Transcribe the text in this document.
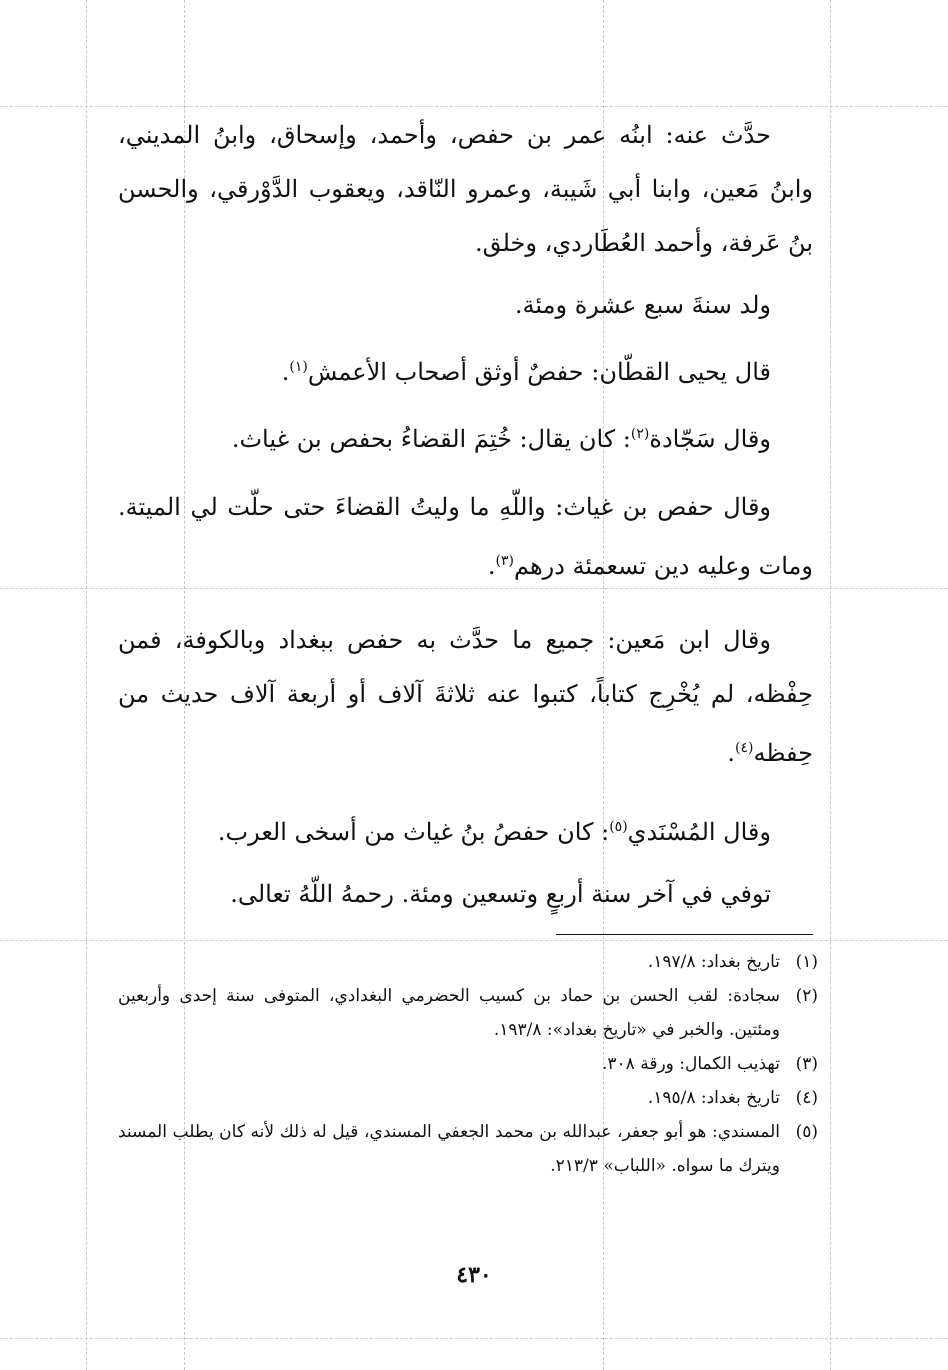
حدَّث عنه: ابنُه عمر بن حفص، وأحمد، وإسحاق، وابنُ المديني، وابنُ مَعين، وابنا أبي شَيبة، وعمرو النّاقد، ويعقوب الدَّوْرقي، والحسن بنُ عَرفة، وأحمد العُطَاردي، وخلق.

ولد سنةَ سبع عشرة ومئة.

قال يحيى القطّان: حفصٌ أوثق أصحاب الأعمش$^{(١)}$.

وقال سَجّادة$^{(٢)}$: كان يقال: خُتِمَ القضاءُ بحفص بن غياث.

وقال حفص بن غياث: واللّهِ ما وليتُ القضاءَ حتى حلّت لي الميتة. ومات وعليه دين تسعمئة درهم$^{(٣)}$.

وقال ابن مَعين: جميع ما حدَّث به حفص ببغداد وبالكوفة، فمن حِفْظه، لم يُخْرِج كتاباً، كتبوا عنه ثلاثةَ آلاف أو أربعة آلاف حديث من حِفظه$^{(٤)}$.

وقال المُسْنَدي$^{(٥)}$: كان حفصُ بنُ غياث من أسخى العرب.

توفي في آخر سنة أربعٍ وتسعين ومئة. رحمهُ اللّهُ تعالى.

(١)تاريخ بغداد: ١٩٧/٨.

(٢)سجادة: لقب الحسن بن حماد بن كسيب الحضرمي البغدادي، المتوفى سنة إحدى وأربعين ومئتين. والخبر في «تاريخ بغداد»: ١٩٣/٨.

(٣)تهذيب الكمال: ورقة ٣٠٨.

(٤)تاريخ بغداد: ١٩٥/٨.

(٥)المسندي: هو أبو جعفر، عبدالله بن محمد الجعفي المسندي، قيل له ذلك لأنه كان يطلب المسند ويترك ما سواه. «اللباب» ٢١٣/٣.

٤٣٠
